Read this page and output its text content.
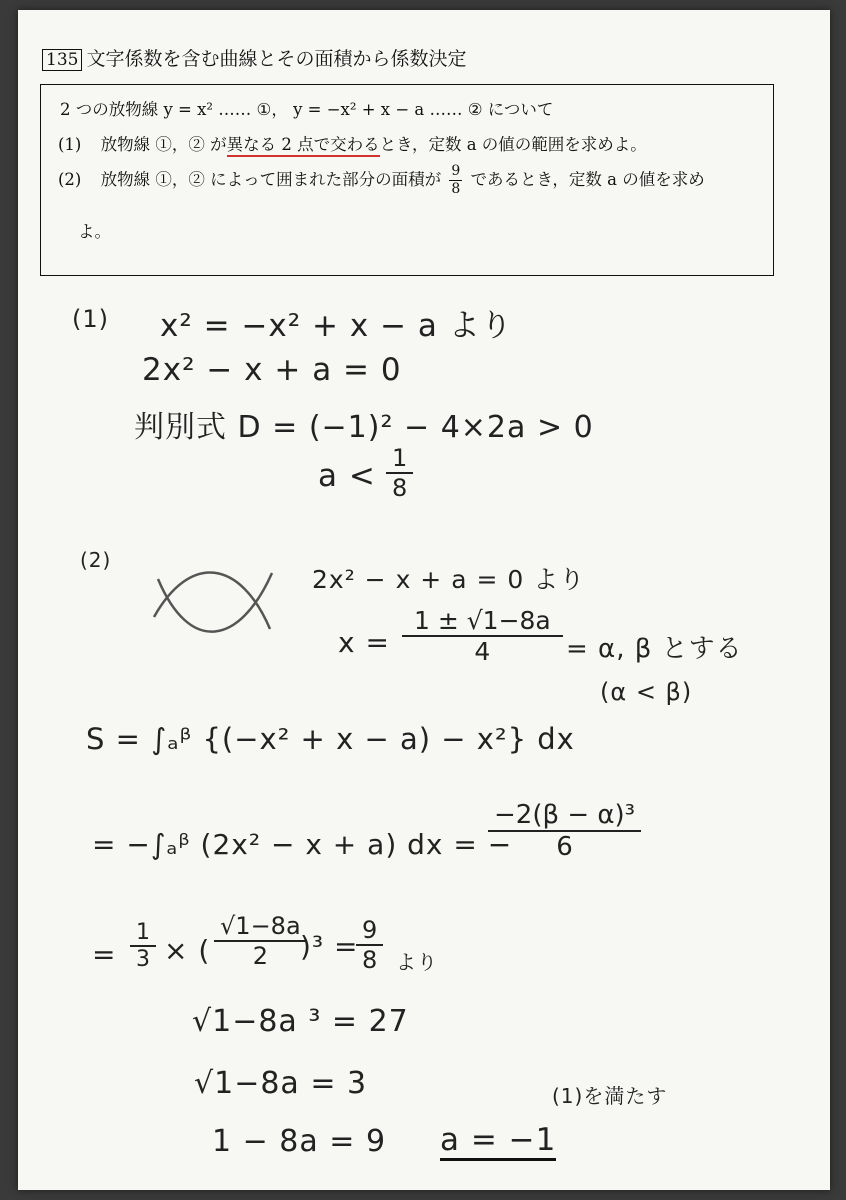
135 文字係数を含む曲線とその面積から係数決定
2 つの放物線 y = x² …… ①， y = −x² + x − a …… ② について
(1) 放物線 ①，② が異なる 2 点で交わるとき，定数 a の値の範囲を求めよ。
(2) 放物線 ①，② によって囲まれた部分の面積が $\frac{9}{8}$ であるとき，定数 a の値を求め
よ。
(1) x² = −x² + x − a より
2x² − x + a = 0
判別式 D = (−1)² − 4×2a > 0
$a < \frac{1}{8}$
(2)
2x² − x + a = 0 より
$x = \frac{1 \pm √1-8a}{4} = \alpha$, β とする
(α < β)
S = ∫ₐᵝ {(−x² + x − a) − x²} dx
= −∫ₐᵝ (2x² − x + a) dx = −
$\frac{\text{−2(β − α)³}}{6}$
= $\frac{1}{3}$ × ( $\frac{√1-8a}{2}$
)³ =
$\frac{9}{8}$ より
√1−8a ³ = 27
√1−8a = 3	(1)を満たす
1 − 8a = 9 a = −1
